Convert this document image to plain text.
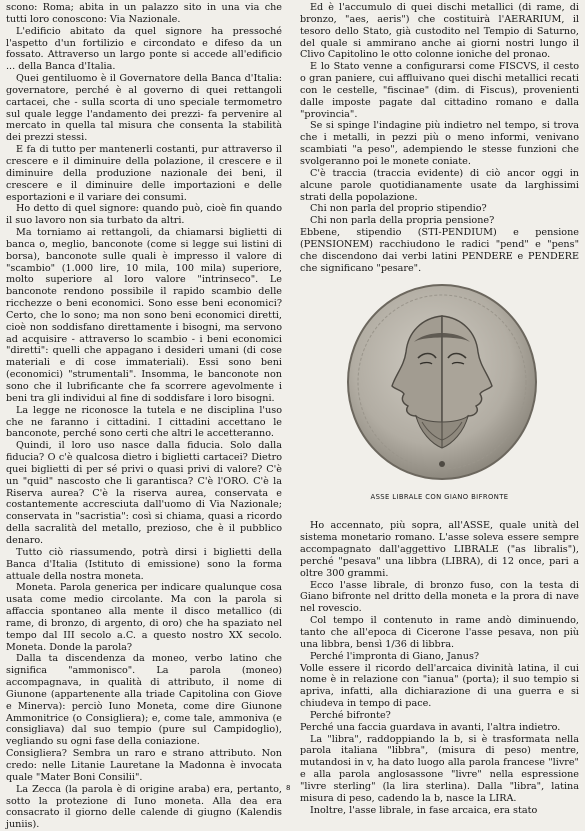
scono: Roma; abita in un palazzo sito in una via che tutti loro conoscono: Via Nazionale.

L'edificio abitato da quel signore ha pressoché l'aspetto d'un fortilizio e circondato e difeso da un fossato. Attraverso un largo ponte si accede all'edificio ... della Banca d'Italia.

Quei gentiluomo è il Governatore della Banca d'Italia: governatore, perché è al governo di quei rettangoli cartacei, che - sulla scorta di uno speciale termometro sul quale legge l'andamento dei prezzi- fa pervenire al mercato in quella tal misura che consenta la stabilità dei prezzi stessi.

E fa di tutto per mantenerli costanti, pur attraverso il crescere e il diminuire della polazione, il crescere e il diminuire della produzione nazionale dei beni, il crescere e il diminuire delle importazioni e delle esportazioni e il variare dei consumi.

Ho detto di quel signore: quando può, cioè fin quando il suo lavoro non sia turbato da altri.

Ma torniamo ai rettangoli, da chiamarsi biglietti di banca o, meglio, banconote (come si legge sui listini di borsa), banconote sulle quali è impresso il valore di "scambio" (1.000 lire, 10 mila, 100 mila) superiore, molto superiore al loro valore "intrinseco". Le banconote rendono possibile il rapido scambio delle ricchezze o beni economici. Sono esse beni economici? Certo, che lo sono; ma non sono beni economici diretti, cioè non soddisfano direttamente i bisogni, ma servono ad acquisire - attraverso lo scambio - i beni economici "diretti": quelli che appagano i desideri umani (di cose materiali e di cose immateriali). Essi sono beni (economici) "strumentali". Insomma, le banconote non sono che il lubrificante che fa scorrere agevolmente i beni tra gli individui al fine di soddisfare i loro bisogni.

La legge ne riconosce la tutela e ne disciplina l'uso che ne faranno i cittadini. I cittadini accettano le banconote, perché sono certi che altri le accetteranno.

Quindi, il loro uso nasce dalla fiducia. Solo dalla fiducia? O c'è qualcosa dietro i biglietti cartacei? Dietro quei biglietti di per sé privi o quasi privi di valore? C'è un "quid" nascosto che li garantisca? C'è l'ORO. C'è la Riserva aurea? C'è la riserva aurea, conservata e costantemente accresciuta dall'uomo di Via Nazionale; conservata in "sacristia": così si chiama, quasi a ricordo della sacralità del metallo, prezioso, che è il pubblico denaro.

Tutto ciò riassumendo, potrà dirsi i biglietti della Banca d'Italia (Istituto di emissione) sono la forma attuale della nostra moneta.

Moneta. Parola generica per indicare qualunque cosa usata come medio circolante. Ma con la parola si affaccia spontaneo alla mente il disco metallico (di rame, di bronzo, di argento, di oro) che ha spaziato nel tempo dal III secolo a.C. a questo nostro XX secolo. Moneta. Donde la parola?

Dalla ta discendenza da moneo, verbo latino che significa "ammonisco". La parola (moneo) accompagnava, in qualità di attributo, il nome di Giunone (appartenente alla triade Capitolina con Giove e Minerva): perciò Iuno Moneta, come dire Giunone Ammonitrice (o Consigliera); e, come tale, ammoniva (e consigliava) dal suo tempio (pure sul Campidoglio), vegliando su ogni fase della coniazione.

Consigliera? Sembra un raro e strano attributo. Non credo: nelle Litanie Lauretane la Madonna è invocata quale "Mater Boni Consilii".

La Zecca (la parola è di origine araba) era, pertanto, sotto la protezione di Iuno moneta. Alla dea era consacrato il giorno delle calende di giugno (Kalendis juniis).

Ed è l'accumulo di quei dischi metallici (di rame, di bronzo, "aes, aeris") che costituirà l'AERARIUM, il tesoro dello Stato, già custodito nel Tempio di Saturno, del quale si ammirano anche ai giorni nostri lungo il Clivo Capitolino le otto colonne ioniche del pronao.

E lo Stato venne a configurarsi come FISCVS, il cesto o gran paniere, cui affluivano quei dischi metallici recati con le cestelle, "fiscinae" (dim. di Fiscus), provenienti dalle imposte pagate dal cittadino romano e dalla "provincia".

Se si spinge l'indagine più indietro nel tempo, si trova che i metalli, in pezzi più o meno informi, venivano scambiati "a peso", adempiendo le stesse funzioni che svolgeranno poi le monete coniate.

C'è traccia (traccia evidente) di ciò ancor oggi in alcune parole quotidianamente usate da larghissimi strati della popolazione.

Chi non parla del proprio stipendio?

Chi non parla della propria pensione?

Ebbene, stipendio (STI-PENDIUM) e pensione (PENSIONEM) racchiudono le radici "pend" e "pens" che discendono dai verbi latini PENDERE e PENDERE che significano "pesare".

ASSE LIBRALE CON GIANO BIFRONTE

Ho accennato, più sopra, all'ASSE, quale unità del sistema monetario romano. L'asse soleva essere sempre accompagnato dall'aggettivo LIBRALE ("as libralis"), perché "pesava" una libbra (LIBRA), di 12 once, pari a oltre 300 grammi.

Ecco l'asse librale, di bronzo fuso, con la testa di Giano bifronte nel dritto della moneta e la prora di nave nel rovescio.

Col tempo il contenuto in rame andò diminuendo, tanto che all'epoca di Cicerone l'asse pesava, non più una libbra, bensì 1/36 di libbra.

Perché l'impronta di Giano, Janus?

Volle essere il ricordo dell'arcaica divinità latina, il cui nome è in relazione con "ianua" (porta); il suo tempio si apriva, infatti, alla dichiarazione di una guerra e si chiudeva in tempo di pace.

Perché bifronte?

Perché una faccia guardava in avanti, l'altra indietro.

La "libra", raddoppiando la b, si è trasformata nella parola italiana "libbra", (misura di peso) mentre, mutandosi in v, ha dato luogo alla parola francese "livre" e alla parola anglosassone "livre" nella espressione "livre sterling" (la lira sterlina). Dalla "libra", latina misura di peso, cadendo la b, nasce la LIRA.

Inoltre, l'asse librale, in fase arcaica, era stato

8
